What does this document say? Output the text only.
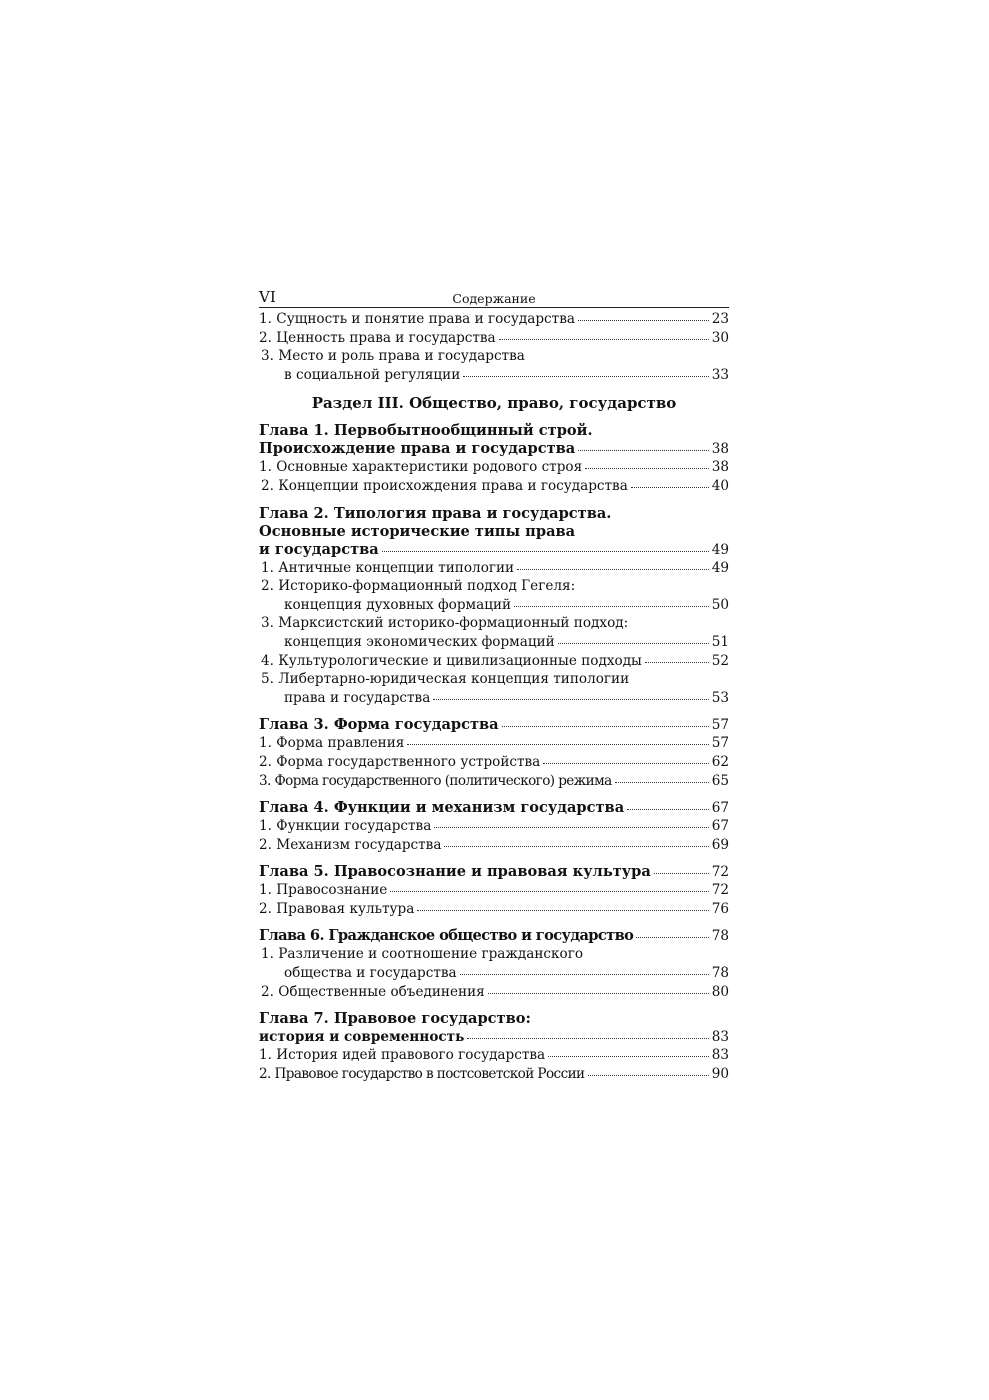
VI	Содержание
1. Сущность и понятие права и государства	23
2. Ценность права и государства	30
3. Место и роль права и государства
в социальной регуляции	33
Раздел III. Общество, право, государство
Глава 1. Первобытнообщинный строй.
Происхождение права и государства	38
1. Основные характеристики родового строя	38
2. Концепции происхождения права и государства	40
Глава 2. Типология права и государства.
Основные исторические типы права
и государства	49
1. Античные концепции типологии	49
2. Историко-формационный подход Гегеля:
концепция духовных формаций	50
3. Марксистский историко-формационный подход:
концепция экономических формаций	51
4. Культурологические и цивилизационные подходы	52
5. Либертарно-юридическая концепция типологии
права и государства	53
Глава 3. Форма государства	57
1. Форма правления	57
2. Форма государственного устройства	62
3. Форма государственного (политического) режима	65
Глава 4. Функции и механизм государства	67
1. Функции государства	67
2. Механизм государства	69
Глава 5. Правосознание и правовая культура	72
1. Правосознание	72
2. Правовая культура	76
Глава 6. Гражданское общество и государство	78
1. Различение и соотношение гражданского
общества и государства	78
2. Общественные объединения	80
Глава 7. Правовое государство:
история и современность	83
1. История идей правового государства	83
2. Правовое государство в постсоветской России	90
